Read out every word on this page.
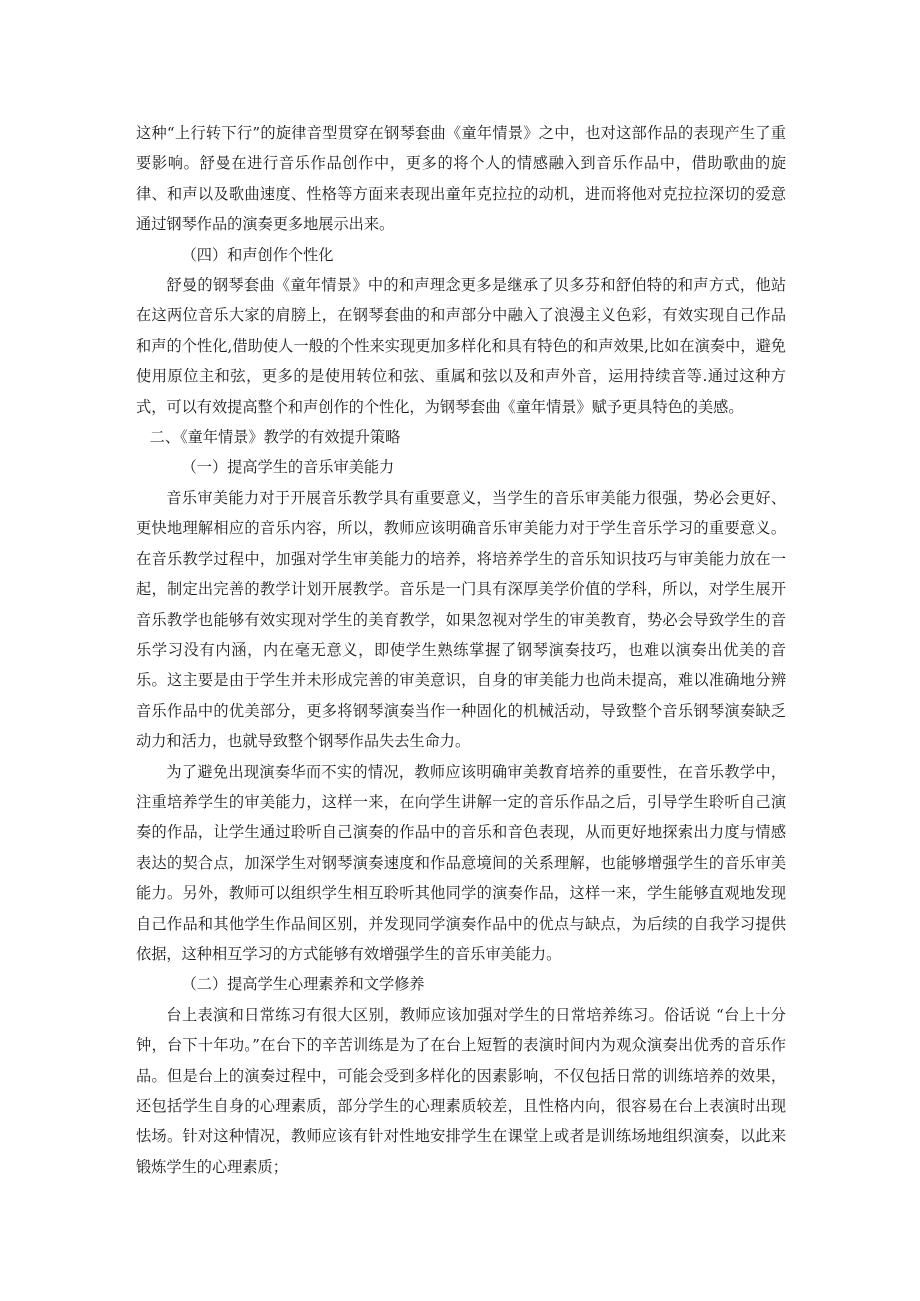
这种“上行转下行”的旋律音型贯穿在钢琴套曲《童年情景》之中，也对这部作品的表现产生了重要影响。舒曼在进行音乐作品创作中，更多的将个人的情感融入到音乐作品中，借助歌曲的旋律、和声以及歌曲速度、性格等方面来表现出童年克拉拉的动机，进而将他对克拉拉深切的爱意通过钢琴作品的演奏更多地展示出来。

（四）和声创作个性化

舒曼的钢琴套曲《童年情景》中的和声理念更多是继承了贝多芬和舒伯特的和声方式，他站在这两位音乐大家的肩膀上，在钢琴套曲的和声部分中融入了浪漫主义色彩，有效实现自己作品和声的个性化,借助使人一般的个性来实现更加多样化和具有特色的和声效果,比如在演奏中，避免使用原位主和弦，更多的是使用转位和弦、重属和弦以及和声外音，运用持续音等.通过这种方式，可以有效提高整个和声创作的个性化，为钢琴套曲《童年情景》赋予更具特色的美感。

二、《童年情景》教学的有效提升策略

（一）提高学生的音乐审美能力

音乐审美能力对于开展音乐教学具有重要意义，当学生的音乐审美能力很强，势必会更好、更快地理解相应的音乐内容，所以，教师应该明确音乐审美能力对于学生音乐学习的重要意义。在音乐教学过程中，加强对学生审美能力的培养，将培养学生的音乐知识技巧与审美能力放在一起，制定出完善的教学计划开展教学。音乐是一门具有深厚美学价值的学科，所以，对学生展开音乐教学也能够有效实现对学生的美育教学，如果忽视对学生的审美教育，势必会导致学生的音乐学习没有内涵，内在毫无意义，即使学生熟练掌握了钢琴演奏技巧，也难以演奏出优美的音乐。这主要是由于学生并未形成完善的审美意识，自身的审美能力也尚未提高，难以准确地分辨音乐作品中的优美部分，更多将钢琴演奏当作一种固化的机械活动，导致整个音乐钢琴演奏缺乏动力和活力，也就导致整个钢琴作品失去生命力。

为了避免出现演奏华而不实的情况，教师应该明确审美教育培养的重要性，在音乐教学中，注重培养学生的审美能力，这样一来，在向学生讲解一定的音乐作品之后，引导学生聆听自己演奏的作品，让学生通过聆听自己演奏的作品中的音乐和音色表现，从而更好地探索出力度与情感表达的契合点，加深学生对钢琴演奏速度和作品意境间的关系理解，也能够增强学生的音乐审美能力。另外，教师可以组织学生相互聆听其他同学的演奏作品，这样一来，学生能够直观地发现自己作品和其他学生作品间区别，并发现同学演奏作品中的优点与缺点，为后续的自我学习提供依据，这种相互学习的方式能够有效增强学生的音乐审美能力。

（二）提高学生心理素养和文学修养

台上表演和日常练习有很大区别，教师应该加强对学生的日常培养练习。俗话说 “台上十分钟，台下十年功。”在台下的辛苦训练是为了在台上短暂的表演时间内为观众演奏出优秀的音乐作品。但是台上的演奏过程中，可能会受到多样化的因素影响，不仅包括日常的训练培养的效果，还包括学生自身的心理素质，部分学生的心理素质较差，且性格内向，很容易在台上表演时出现怯场。针对这种情况，教师应该有针对性地安排学生在课堂上或者是训练场地组织演奏，以此来锻炼学生的心理素质；
